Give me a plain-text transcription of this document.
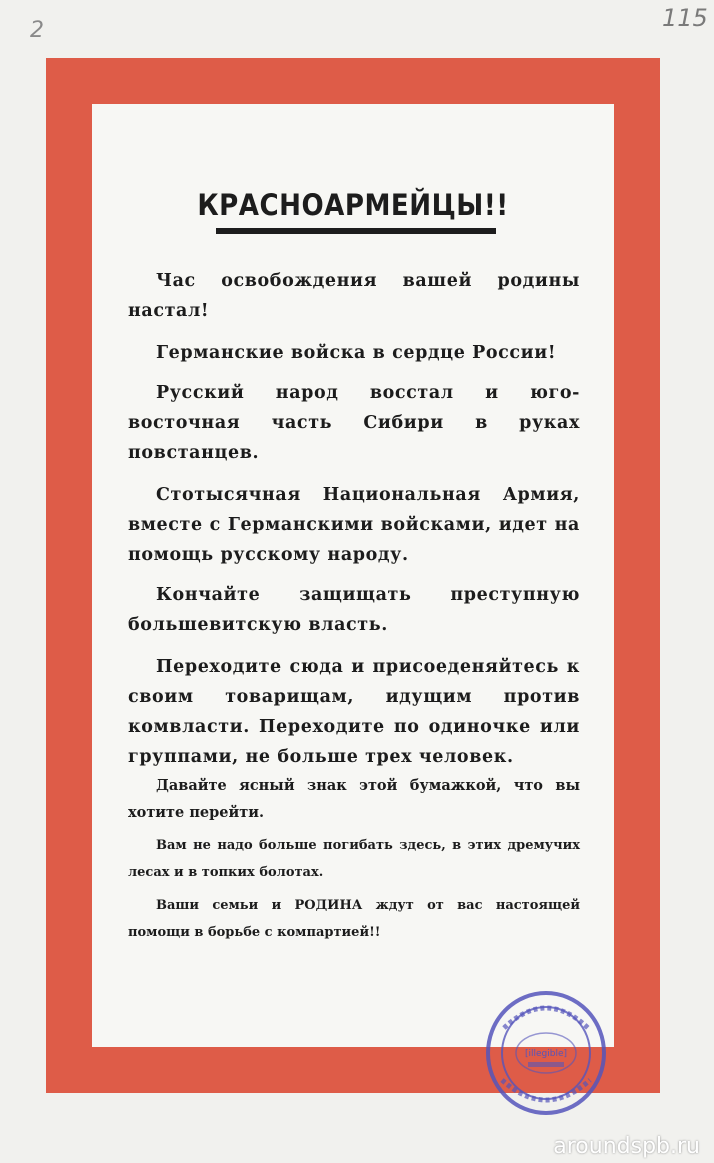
2	115
КРАСНОАРМЕЙЦЫ!!

Час освобождения вашей родины настал!

Германские войска в сердце России!

Русский народ восстал и юго-восточная часть Сибири в руках повстанцев.

Стотысячная Национальная Армия, вместе с Германскими войсками, идет на помощь русскому народу.

Кончайте защищать преступную большевитскую власть.

Переходите сюда и присоеденяйтесь к своим товарищам, идущим против комвласти. Переходите по одиночке или группами, не больше трех человек.

Давайте ясный знак этой бумажкой, что вы хотите перейти.

Вам не надо больше погибать здесь, в этих дремучих лесах и в топких болотах.

Ваши семьи и РОДИНА ждут от вас настоящей помощи в борьбе с компартией!!

[illegible]
aroundspb.ru
